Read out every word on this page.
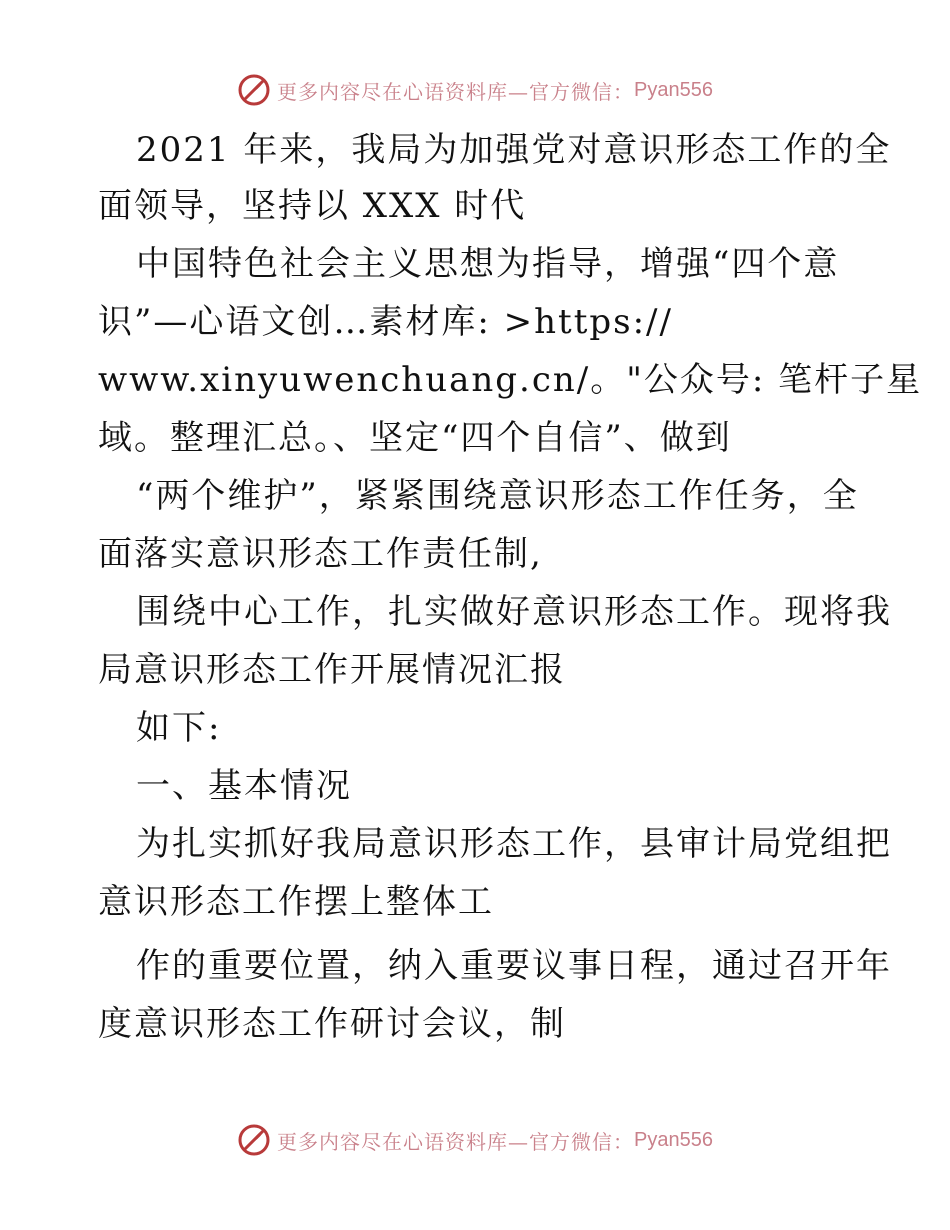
更多内容尽在心语资料库—官方微信： Pyan556
2021 年来，我局为加强党对意识形态工作的全
面领导，坚持以 XXX 时代
中国特色社会主义思想为指导，增强“四个意
识”—心语文创…素材库: >https://
www.xinyuwenchuang.cn/。"公众号: 笔杆子星
域。整理汇总。、坚定“四个自信”、做到
“两个维护”，紧紧围绕意识形态工作任务，全
面落实意识形态工作责任制,
围绕中心工作，扎实做好意识形态工作。现将我
局意识形态工作开展情况汇报
如下:
一、基本情况
为扎实抓好我局意识形态工作，县审计局党组把
意识形态工作摆上整体工
作的重要位置，纳入重要议事日程，通过召开年
度意识形态工作研讨会议，制
更多内容尽在心语资料库—官方微信： Pyan556
